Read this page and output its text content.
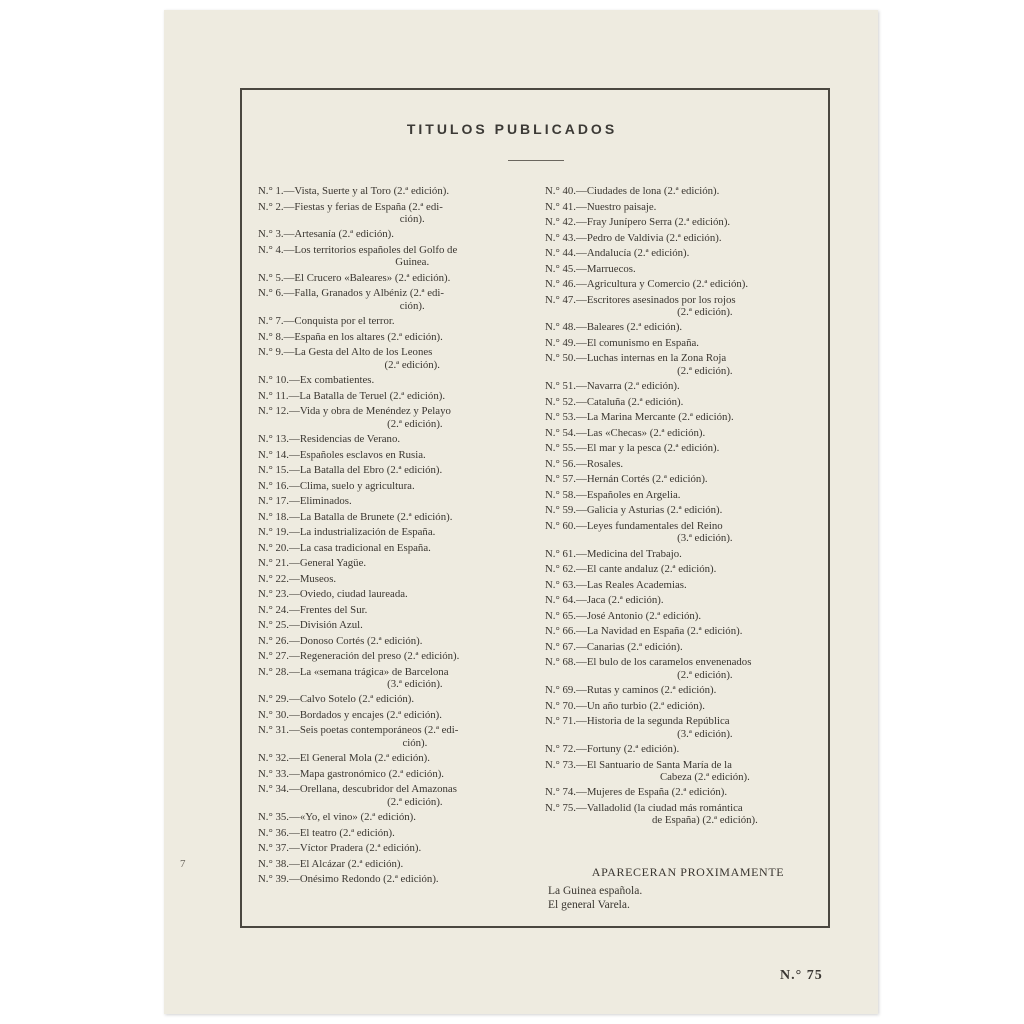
TITULOS PUBLICADOS
N.° 1.— Vista, Suerte y al Toro (2.ª edición).
N.° 2.— Fiestas y ferias de España (2.ª edi-
ción).
N.° 3.— Artesanía (2.ª edición).
N.° 4.— Los territorios españoles del Golfo de
Guinea.
N.° 5.— El Crucero «Baleares» (2.ª edición).
N.° 6.— Falla, Granados y Albéniz (2.ª edi-
ción).
N.° 7.— Conquista por el terror.
N.° 8.— España en los altares (2.ª edición).
N.° 9.— La Gesta del Alto de los Leones
(2.ª edición).
N.° 10.— Ex combatientes.
N.° 11.— La Batalla de Teruel (2.ª edición).
N.° 12.— Vida y obra de Menéndez y Pelayo
(2.ª edición).
N.° 13.— Residencias de Verano.
N.° 14.— Españoles esclavos en Rusia.
N.° 15.— La Batalla del Ebro (2.ª edición).
N.° 16.— Clima, suelo y agricultura.
N.° 17.— Eliminados.
N.° 18.— La Batalla de Brunete (2.ª edición).
N.° 19.— La industrialización de España.
N.° 20.— La casa tradicional en España.
N.° 21.— General Yagüe.
N.° 22.— Museos.
N.° 23.— Oviedo, ciudad laureada.
N.° 24.— Frentes del Sur.
N.° 25.— División Azul.
N.° 26.— Donoso Cortés (2.ª edición).
N.° 27.— Regeneración del preso (2.ª edición).
N.° 28.— La «semana trágica» de Barcelona
(3.ª edición).
N.° 29.— Calvo Sotelo (2.ª edición).
N.° 30.— Bordados y encajes (2.ª edición).
N.° 31.— Seis poetas contemporáneos (2.ª edi-
ción).
N.° 32.— El General Mola (2.ª edición).
N.° 33.— Mapa gastronómico (2.ª edición).
N.° 34.— Orellana, descubridor del Amazonas
(2.ª edición).
N.° 35.— «Yo, el vino» (2.ª edición).
N.° 36.— El teatro (2.ª edición).
N.° 37.— Víctor Pradera (2.ª edición).
N.° 38.— El Alcázar (2.ª edición).
N.° 39.— Onésimo Redondo (2.ª edición).
N.° 40.— Ciudades de lona (2.ª edición).
N.° 41.— Nuestro paisaje.
N.° 42.— Fray Junípero Serra (2.ª edición).
N.° 43.— Pedro de Valdivia (2.ª edición).
N.° 44.— Andalucía (2.ª edición).
N.° 45.— Marruecos.
N.° 46.— Agricultura y Comercio (2.ª edición).
N.° 47.— Escritores asesinados por los rojos
(2.ª edición).
N.° 48.— Baleares (2.ª edición).
N.° 49.— El comunismo en España.
N.° 50.— Luchas internas en la Zona Roja
(2.ª edición).
N.° 51.— Navarra (2.ª edición).
N.° 52.— Cataluña (2.ª edición).
N.° 53.— La Marina Mercante (2.ª edición).
N.° 54.— Las «Checas» (2.ª edición).
N.° 55.— El mar y la pesca (2.ª edición).
N.° 56.— Rosales.
N.° 57.— Hernán Cortés (2.ª edición).
N.° 58.— Españoles en Argelia.
N.° 59.— Galicia y Asturias (2.ª edición).
N.° 60.— Leyes fundamentales del Reino
(3.ª edición).
N.° 61.— Medicina del Trabajo.
N.° 62.— El cante andaluz (2.ª edición).
N.° 63.— Las Reales Academias.
N.° 64.— Jaca (2.ª edición).
N.° 65.— José Antonio (2.ª edición).
N.° 66.— La Navidad en España (2.ª edición).
N.° 67.— Canarias (2.ª edición).
N.° 68.— El bulo de los caramelos envenenados
(2.ª edición).
N.° 69.— Rutas y caminos (2.ª edición).
N.° 70.— Un año turbio (2.ª edición).
N.° 71.— Historia de la segunda República
(3.ª edición).
N.° 72.— Fortuny (2.ª edición).
N.° 73.— El Santuario de Santa María de la
Cabeza (2.ª edición).
N.° 74.— Mujeres de España (2.ª edición).
N.° 75.— Valladolid (la ciudad más romántica
de España) (2.ª edición).
APARECERAN PROXIMAMENTE
La Guinea española.
El general Varela.
N.° 75
7
